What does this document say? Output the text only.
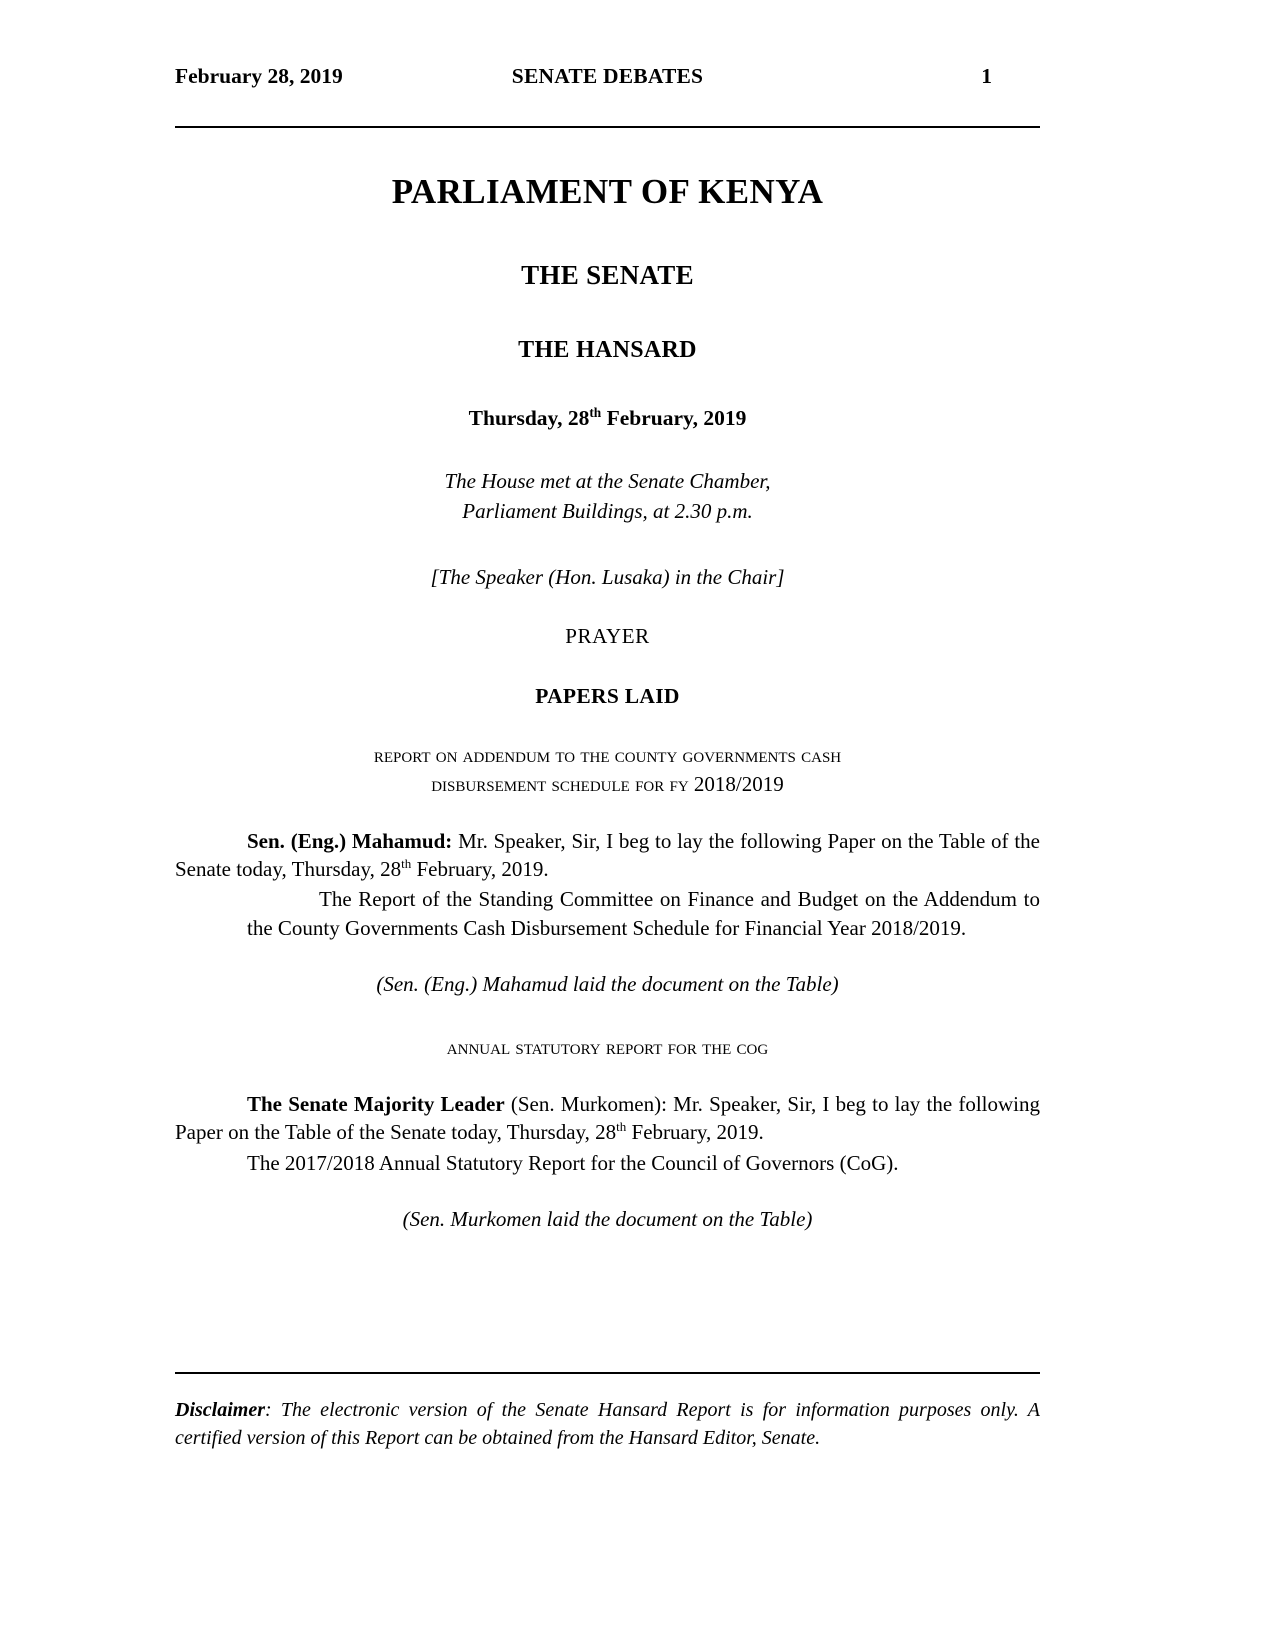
February 28, 2019	SENATE DEBATES	1
PARLIAMENT OF KENYA
THE SENATE
THE HANSARD
Thursday, 28th February, 2019
The House met at the Senate Chamber,
Parliament Buildings, at 2.30 p.m.
[The Speaker (Hon. Lusaka) in the Chair]
PRAYER
PAPERS LAID
report on addendum to the county governments cash
disbursement schedule for fy 2018/2019
Sen. (Eng.) Mahamud: Mr. Speaker, Sir, I beg to lay the following Paper on the Table of the Senate today, Thursday, 28th February, 2019.
The Report of the Standing Committee on Finance and Budget on the Addendum to the County Governments Cash Disbursement Schedule for Financial Year 2018/2019.
(Sen. (Eng.) Mahamud laid the document on the Table)
annual statutory report for the cog
The Senate Majority Leader (Sen. Murkomen): Mr. Speaker, Sir, I beg to lay the following Paper on the Table of the Senate today, Thursday, 28th February, 2019.
The 2017/2018 Annual Statutory Report for the Council of Governors (CoG).
(Sen. Murkomen laid the document on the Table)
Disclaimer: The electronic version of the Senate Hansard Report is for information purposes only. A certified version of this Report can be obtained from the Hansard Editor, Senate.
